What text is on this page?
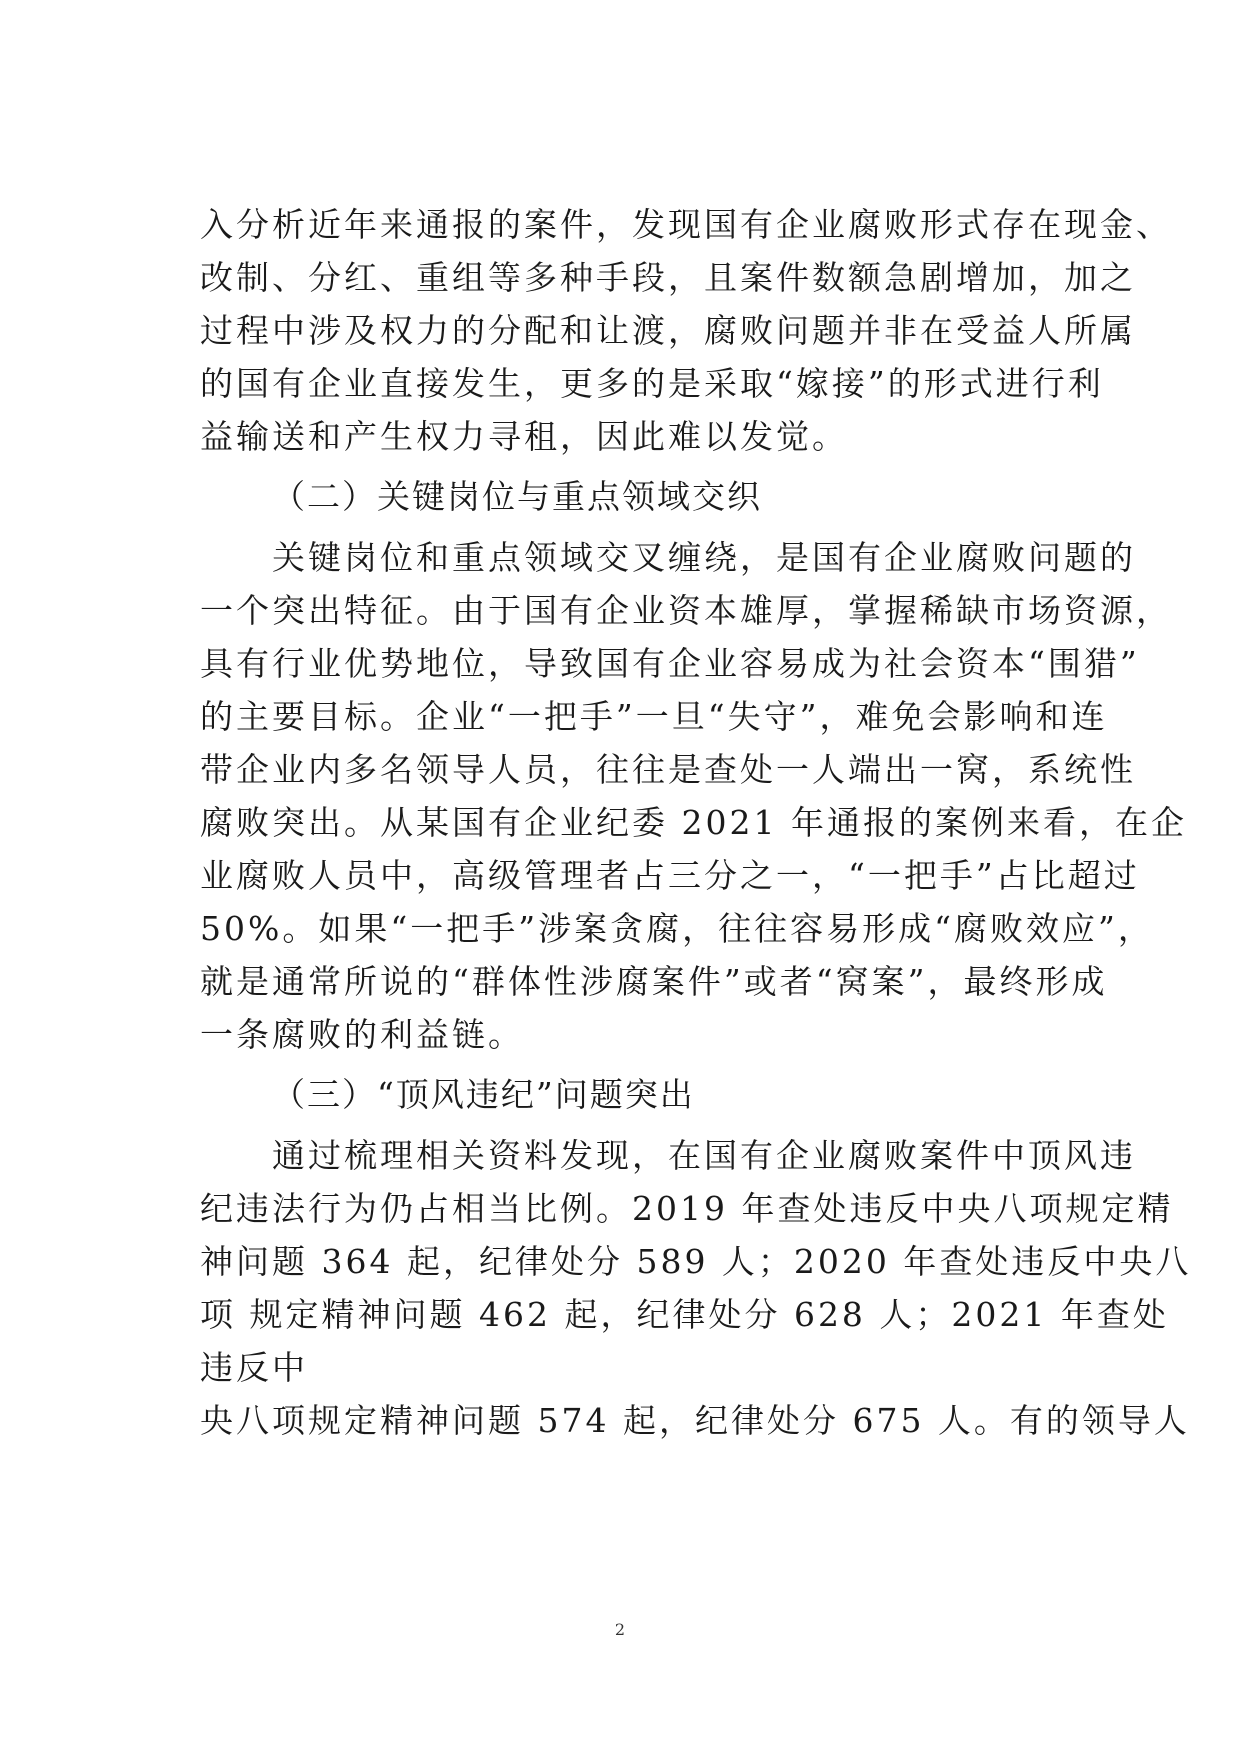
入分析近年来通报的案件，发现国有企业腐败形式存在现金、
改制、分红、重组等多种手段，且案件数额急剧增加，加之
过程中涉及权力的分配和让渡，腐败问题并非在受益人所属
的国有企业直接发生，更多的是采取“嫁接”的形式进行利
益输送和产生权力寻租，因此难以发觉。
（二）关键岗位与重点领域交织
关键岗位和重点领域交叉缠绕，是国有企业腐败问题的
一个突出特征。由于国有企业资本雄厚，掌握稀缺市场资源，
具有行业优势地位，导致国有企业容易成为社会资本“围猎”
的主要目标。企业“一把手”一旦“失守”，难免会影响和连
带企业内多名领导人员，往往是查处一人端出一窝，系统性
腐败突出。从某国有企业纪委 2021 年通报的案例来看，在企
业腐败人员中，高级管理者占三分之一，“一把手”占比超过
50%。如果“一把手”涉案贪腐，往往容易形成“腐败效应”，
就是通常所说的“群体性涉腐案件”或者“窝案”，最终形成
一条腐败的利益链。
（三）“顶风违纪”问题突出
通过梳理相关资料发现，在国有企业腐败案件中顶风违
纪违法行为仍占相当比例。2019 年查处违反中央八项规定精
神问题 364 起，纪律处分 589 人；2020 年查处违反中央八
项 规定精神问题 462 起，纪律处分 628 人；2021 年查处
违反中
央八项规定精神问题 574 起，纪律处分 675 人。有的领导人
2
